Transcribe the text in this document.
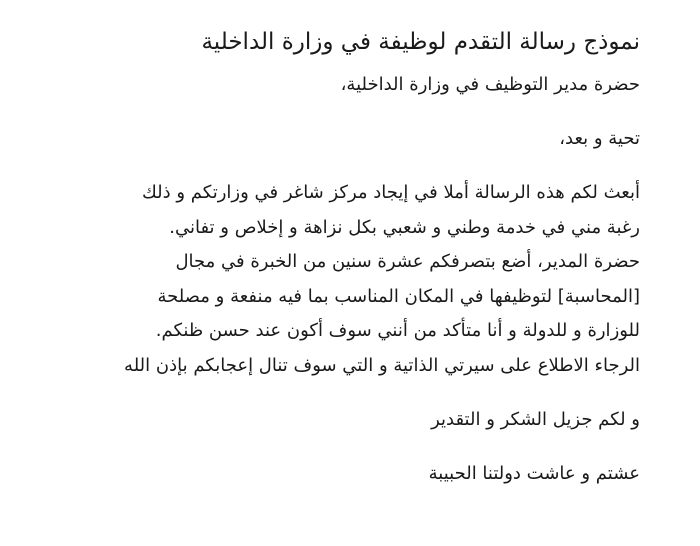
نموذج رسالة التقدم لوظيفة في وزارة الداخلية

حضرة مدير التوظيف في وزارة الداخلية،

تحية و بعد،

أبعث لكم هذه الرسالة أملا في إيجاد مركز شاغر في وزارتكم و ذلك
رغبة مني في خدمة وطني و شعبي بكل نزاهة و إخلاص و تفاني.
حضرة المدير، أضع بتصرفكم عشرة سنين من الخبرة في مجال
[المحاسبة] لتوظيفها في المكان المناسب بما فيه منفعة و مصلحة
للوزارة و للدولة و أنا متأكد من أنني سوف أكون عند حسن ظنكم.
الرجاء الاطلاع على سيرتي الذاتية و التي سوف تنال إعجابكم بإذن الله

و لكم جزيل الشكر و التقدير

عشتم و عاشت دولتنا الحبيبة
